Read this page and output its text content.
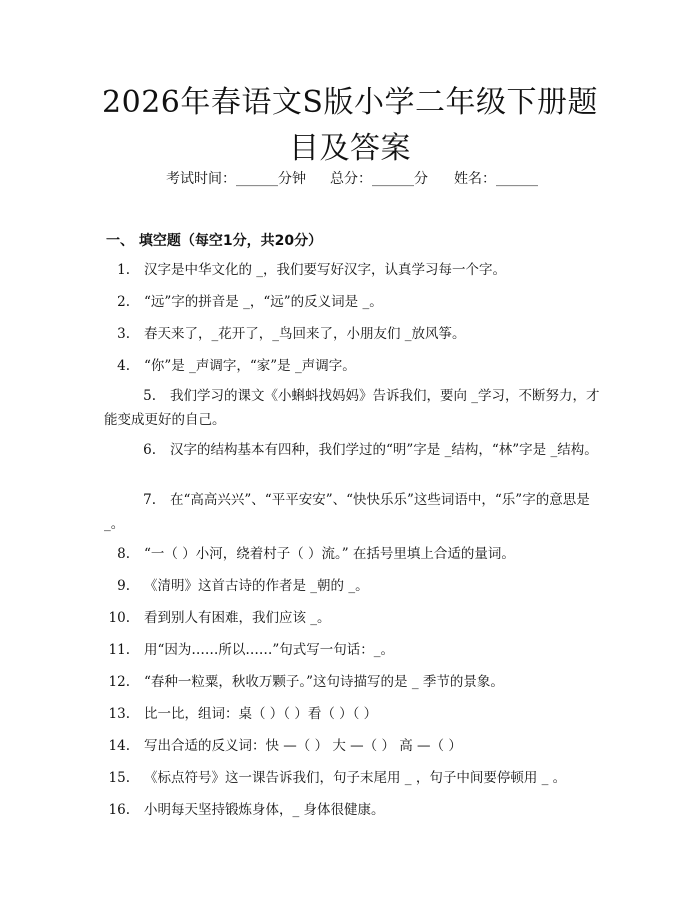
2026年春语文S版小学二年级下册题目及答案
考试时间：______分钟 总分：______分 姓名：______
一、 填空题（每空1分，共20分）
1. 汉字是中华文化的 _，我们要写好汉字，认真学习每一个字。
2. “远”字的拼音是 _，“远”的反义词是 _。
3. 春天来了，_花开了，_鸟回来了，小朋友们 _放风筝。
4. “你”是 _声调字，“家”是 _声调字。
5. 我们学习的课文《小蝌蚪找妈妈》告诉我们，要向 _学习，不断努力，才能变成更好的自己。
6. 汉字的结构基本有四种，我们学过的“明”字是 _结构，“林”字是 _结构。
7. 在“高高兴兴”、“平平安安”、“快快乐乐”这些词语中，“乐”字的意思是 _。
8. “一（ ）小河，绕着村子（ ）流。” 在括号里填上合适的量词。
9. 《清明》这首古诗的作者是 _朝的 _。
10. 看到别人有困难，我们应该 _。
11. 用“因为……所以……”句式写一句话：_。
12. “春种一粒粟，秋收万颗子。”这句诗描写的是 _ 季节的景象。
13. 比一比，组词：桌（ ）（ ）看（ ）（ ）
14. 写出合适的反义词：快 —（ ） 大 —（ ） 高 —（ ）
15. 《标点符号》这一课告诉我们，句子末尾用 _ ，句子中间要停顿用 _ 。
16. 小明每天坚持锻炼身体，_ 身体很健康。
